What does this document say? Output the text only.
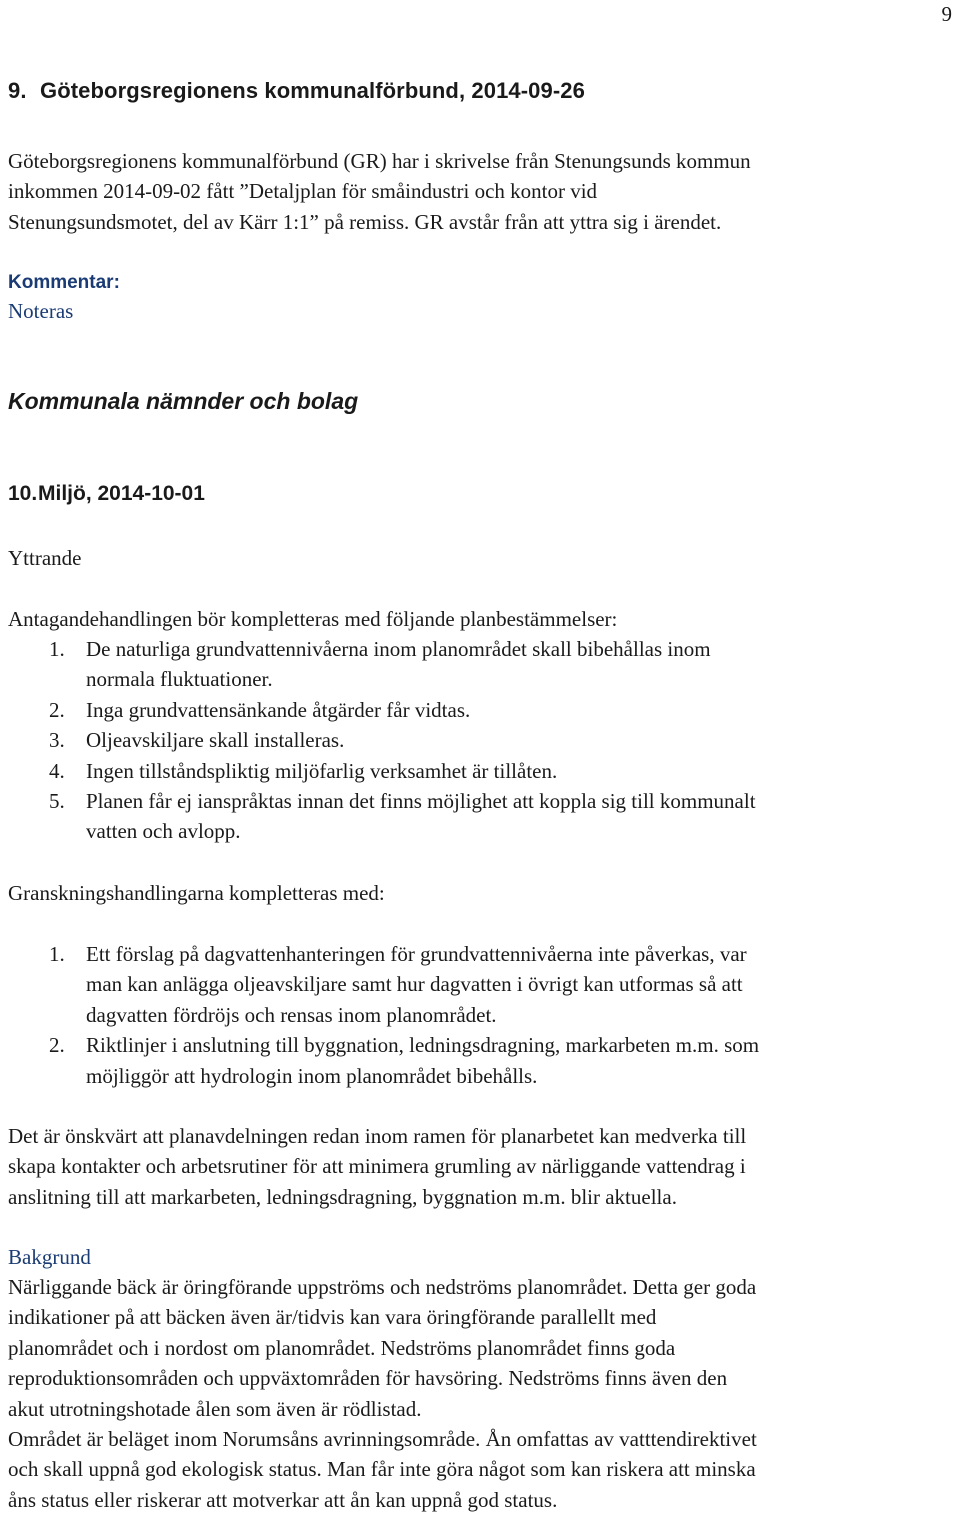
9
9. Göteborgsregionens kommunalförbund, 2014-09-26
Göteborgsregionens kommunalförbund (GR) har i skrivelse från Stenungsunds kommun
inkommen 2014-09-02 fått ”Detaljplan för småindustri och kontor vid
Stenungsundsmotet, del av Kärr 1:1” på remiss. GR avstår från att yttra sig i ärendet.
Kommentar:
Noteras
Kommunala nämnder och bolag
10.Miljö, 2014-10-01
Yttrande
Antagandehandlingen bör kompletteras med följande planbestämmelser:
1. De naturliga grundvattennivåerna inom planområdet skall bibehållas inom
normala fluktuationer.
2. Inga grundvattensänkande åtgärder får vidtas.
3. Oljeavskiljare skall installeras.
4. Ingen tillståndspliktig miljöfarlig verksamhet är tillåten.
5. Planen får ej ianspråktas innan det finns möjlighet att koppla sig till kommunalt
vatten och avlopp.
Granskningshandlingarna kompletteras med:
1. Ett förslag på dagvattenhanteringen för grundvattennivåerna inte påverkas, var
man kan anlägga oljeavskiljare samt hur dagvatten i övrigt kan utformas så att
dagvatten fördröjs och rensas inom planområdet.
2. Riktlinjer i anslutning till byggnation, ledningsdragning, markarbeten m.m. som
möjliggör att hydrologin inom planområdet bibehålls.
Det är önskvärt att planavdelningen redan inom ramen för planarbetet kan medverka till
skapa kontakter och arbetsrutiner för att minimera grumling av närliggande vattendrag i
anslitning till att markarbeten, ledningsdragning, byggnation m.m. blir aktuella.
Bakgrund
Närliggande bäck är öringförande uppströms och nedströms planområdet. Detta ger goda
indikationer på att bäcken även är/tidvis kan vara öringförande parallellt med
planområdet och i nordost om planområdet. Nedströms planområdet finns goda
reproduktionsområden och uppväxtområden för havsöring. Nedströms finns även den
akut utrotningshotade ålen som även är rödlistad.
Området är beläget inom Norumsåns avrinningsområde. Ån omfattas av vatttendirektivet
och skall uppnå god ekologisk status. Man får inte göra något som kan riskera att minska
åns status eller riskerar att motverkar att ån kan uppnå god status.
